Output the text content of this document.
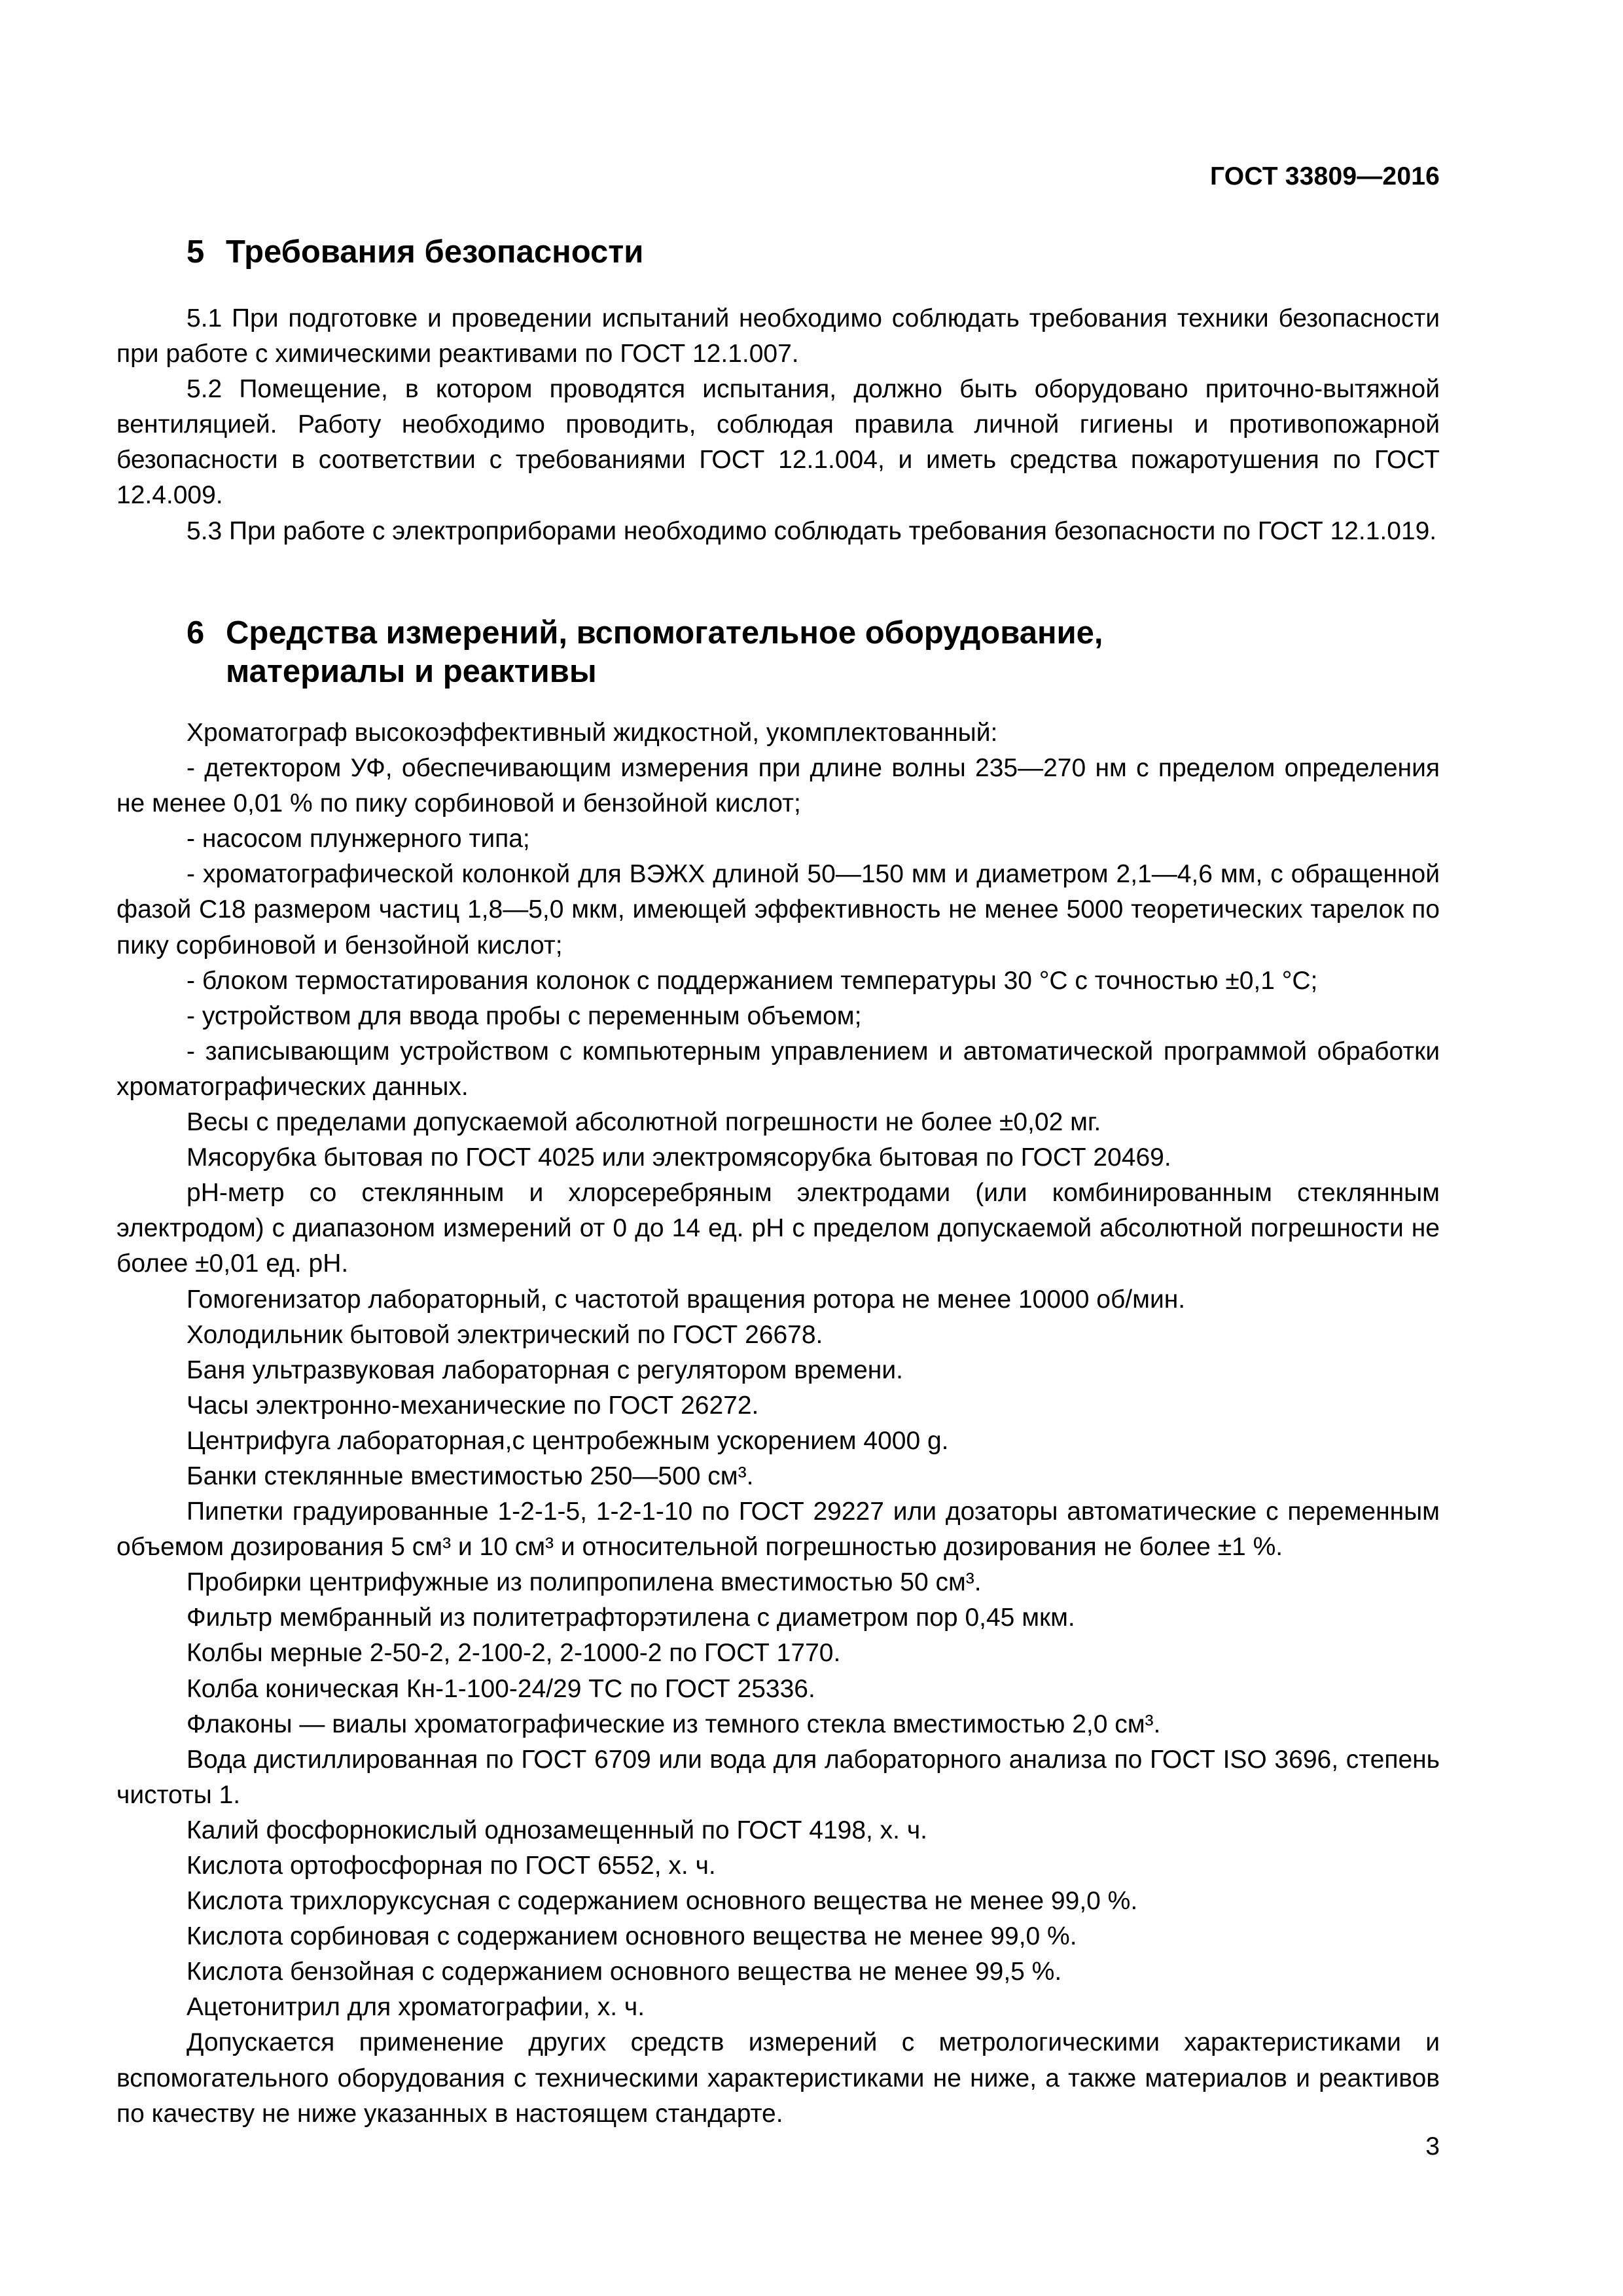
ГОСТ 33809—2016
5 Требования безопасности

5.1 При подготовке и проведении испытаний необходимо соблюдать требования техники безопасности при работе с химическими реактивами по ГОСТ 12.1.007.

5.2 Помещение, в котором проводятся испытания, должно быть оборудовано приточно-вытяжной вентиляцией. Работу необходимо проводить, соблюдая правила личной гигиены и противопожарной безопасности в соответствии с требованиями ГОСТ 12.1.004, и иметь средства пожаротушения по ГОСТ 12.4.009.

5.3 При работе с электроприборами необходимо соблюдать требования безопасности по ГОСТ 12.1.019.

6 Средства измерений, вспомогательное оборудование,
материалы и реактивы

Хроматограф высокоэффективный жидкостной, укомплектованный:

- детектором УФ, обеспечивающим измерения при длине волны 235—270 нм с пределом определения не менее 0,01 % по пику сорбиновой и бензойной кислот;

- насосом плунжерного типа;

- хроматографической колонкой для ВЭЖХ длиной 50—150 мм и диаметром 2,1—4,6 мм, с обращенной фазой С18 размером частиц 1,8—5,0 мкм, имеющей эффективность не менее 5000 теоретических тарелок по пику сорбиновой и бензойной кислот;

- блоком термостатирования колонок с поддержанием температуры 30 °C с точностью ±0,1 °C;

- устройством для ввода пробы с переменным объемом;

- записывающим устройством с компьютерным управлением и автоматической программой обработки хроматографических данных.

Весы с пределами допускаемой абсолютной погрешности не более ±0,02 мг.

Мясорубка бытовая по ГОСТ 4025 или электромясорубка бытовая по ГОСТ 20469.

pH-метр со стеклянным и хлорсеребряным электродами (или комбинированным стеклянным электродом) с диапазоном измерений от 0 до 14 ед. pH с пределом допускаемой абсолютной погрешности не более ±0,01 ед. pH.

Гомогенизатор лабораторный, с частотой вращения ротора не менее 10000 об/мин.

Холодильник бытовой электрический по ГОСТ 26678.

Баня ультразвуковая лабораторная с регулятором времени.

Часы электронно-механические по ГОСТ 26272.

Центрифуга лабораторная,с центробежным ускорением 4000 g.

Банки стеклянные вместимостью 250—500 см³.

Пипетки градуированные 1-2-1-5, 1-2-1-10 по ГОСТ 29227 или дозаторы автоматические с переменным объемом дозирования 5 см³ и 10 см³ и относительной погрешностью дозирования не более ±1 %.

Пробирки центрифужные из полипропилена вместимостью 50 см³.

Фильтр мембранный из политетрафторэтилена с диаметром пор 0,45 мкм.

Колбы мерные 2-50-2, 2-100-2, 2-1000-2 по ГОСТ 1770.

Колба коническая Кн-1-100-24/29 ТС по ГОСТ 25336.

Флаконы — виалы хроматографические из темного стекла вместимостью 2,0 см³.

Вода дистиллированная по ГОСТ 6709 или вода для лабораторного анализа по ГОСТ ISO 3696, степень чистоты 1.

Калий фосфорнокислый однозамещенный по ГОСТ 4198, х. ч.

Кислота ортофосфорная по ГОСТ 6552, х. ч.

Кислота трихлоруксусная с содержанием основного вещества не менее 99,0 %.

Кислота сорбиновая с содержанием основного вещества не менее 99,0 %.

Кислота бензойная с содержанием основного вещества не менее 99,5 %.

Ацетонитрил для хроматографии, х. ч.

Допускается применение других средств измерений с метрологическими характеристиками и вспомогательного оборудования с техническими характеристиками не ниже, а также материалов и реактивов по качеству не ниже указанных в настоящем стандарте.

3
